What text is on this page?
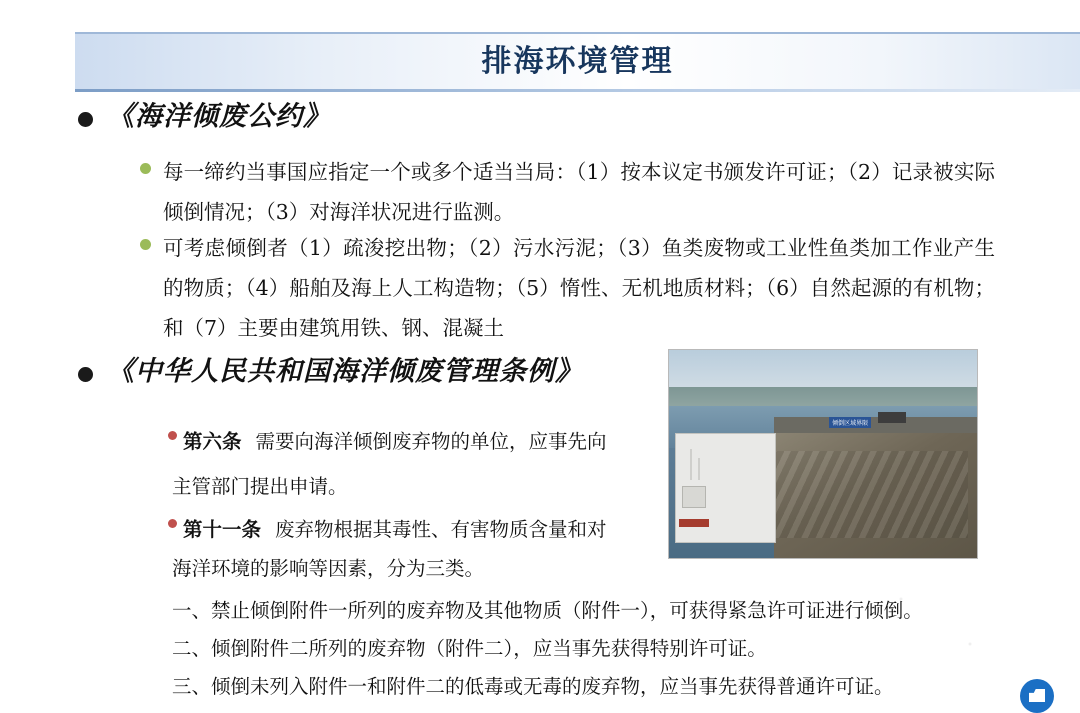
排海环境管理
《海洋倾废公约》
每一缔约当事国应指定一个或多个适当当局：（1）按本议定书颁发许可证；（2）记录被实际倾倒情况；（3）对海洋状况进行监测。
可考虑倾倒者（1）疏浚挖出物；（2）污水污泥；（3）鱼类废物或工业性鱼类加工作业产生的物质；（4）船舶及海上人工构造物；（5）惰性、无机地质材料；（6）自然起源的有机物；和（7）主要由建筑用铁、钢、混凝土
《中华人民共和国海洋倾废管理条例》
第六条 需要向海洋倾倒废弃物的单位，应事先向
主管部门提出申请。
第十一条 废弃物根据其毒性、有害物质含量和对
海洋环境的影响等因素，分为三类。
一、禁止倾倒附件一所列的废弃物及其他物质（附件一），可获得紧急许可证进行倾倒。
二、倾倒附件二所列的废弃物（附件二），应当事先获得特别许可证。
三、倾倒未列入附件一和附件二的低毒或无毒的废弃物，应当事先获得普通许可证。
倾倒区域界限
